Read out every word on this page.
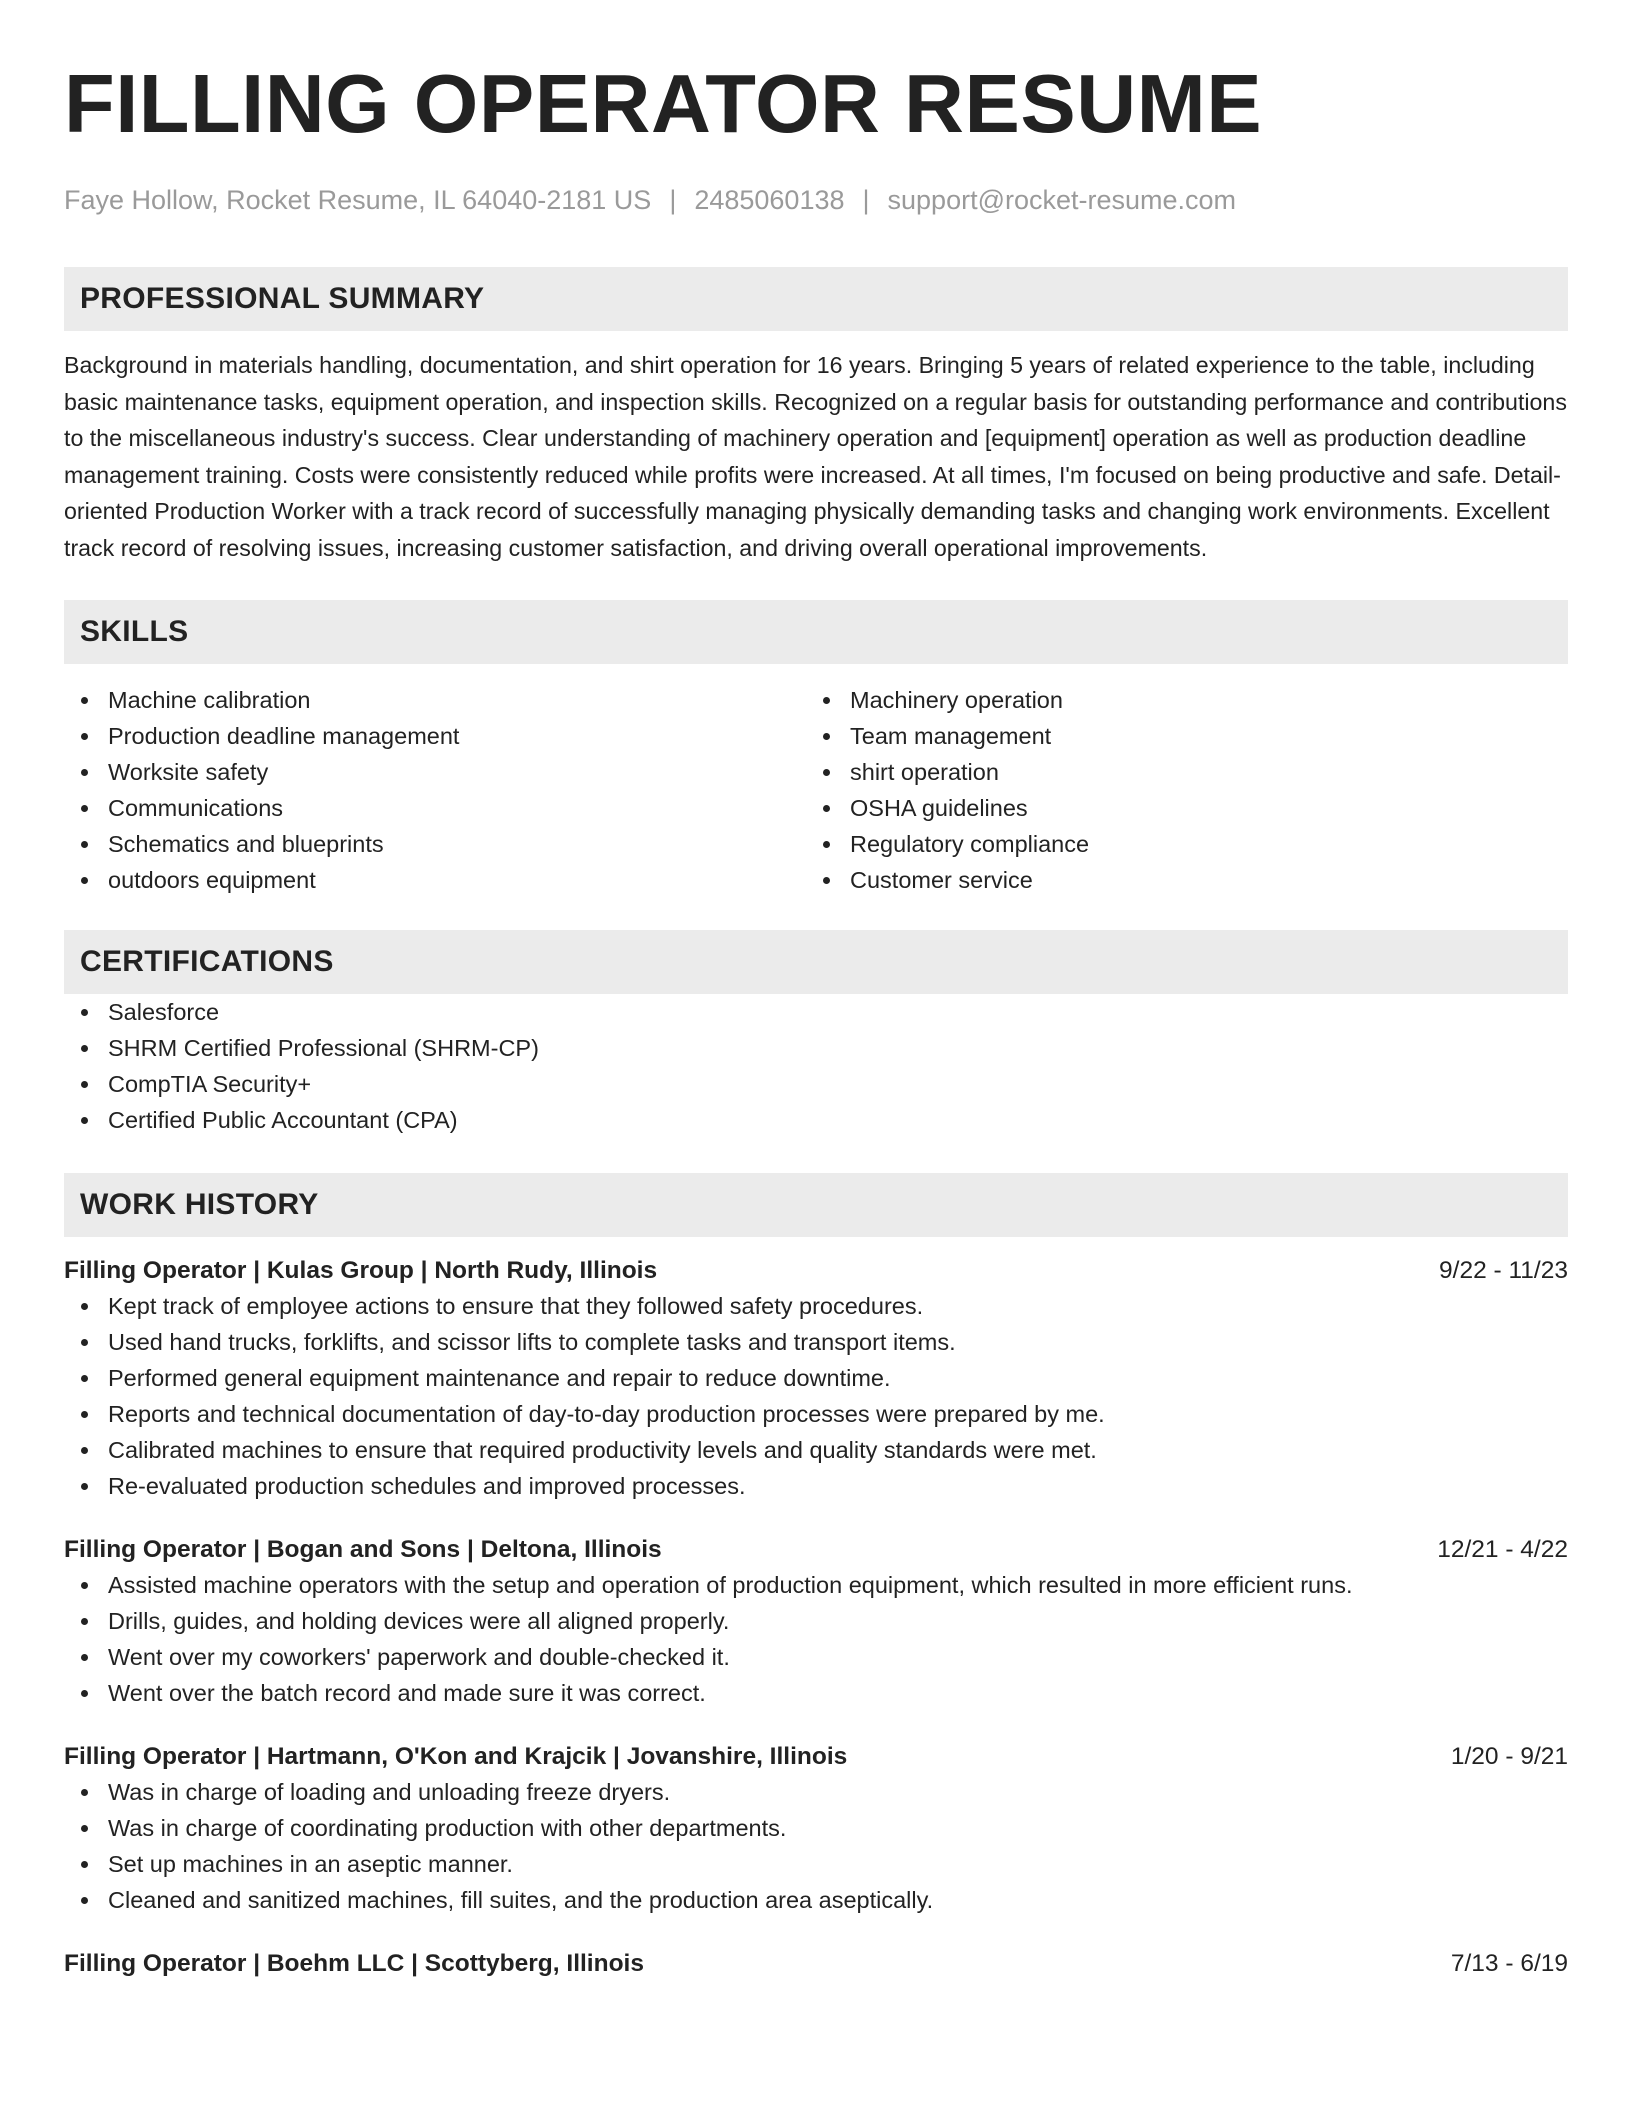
FILLING OPERATOR RESUME
Faye Hollow, Rocket Resume, IL 64040-2181 US | 2485060138 | support@rocket-resume.com
PROFESSIONAL SUMMARY

Background in materials handling, documentation, and shirt operation for 16 years. Bringing 5 years of related experience to the table, including basic maintenance tasks, equipment operation, and inspection skills. Recognized on a regular basis for outstanding performance and contributions to the miscellaneous industry's success. Clear understanding of machinery operation and [equipment] operation as well as production deadline management training. Costs were consistently reduced while profits were increased. At all times, I'm focused on being productive and safe. Detail-oriented Production Worker with a track record of successfully managing physically demanding tasks and changing work environments. Excellent track record of resolving issues, increasing customer satisfaction, and driving overall operational improvements.

SKILLS
Machine calibration
Production deadline management
Worksite safety
Communications
Schematics and blueprints
outdoors equipment
Machinery operation
Team management
shirt operation
OSHA guidelines
Regulatory compliance
Customer service
CERTIFICATIONS
Salesforce
SHRM Certified Professional (SHRM-CP)
CompTIA Security+
Certified Public Accountant (CPA)
WORK HISTORY
Filling Operator | Kulas Group | North Rudy, Illinois	9/22 - 11/23
Kept track of employee actions to ensure that they followed safety procedures.
Used hand trucks, forklifts, and scissor lifts to complete tasks and transport items.
Performed general equipment maintenance and repair to reduce downtime.
Reports and technical documentation of day-to-day production processes were prepared by me.
Calibrated machines to ensure that required productivity levels and quality standards were met.
Re-evaluated production schedules and improved processes.
Filling Operator | Bogan and Sons | Deltona, Illinois	12/21 - 4/22
Assisted machine operators with the setup and operation of production equipment, which resulted in more efficient runs.
Drills, guides, and holding devices were all aligned properly.
Went over my coworkers' paperwork and double-checked it.
Went over the batch record and made sure it was correct.
Filling Operator | Hartmann, O'Kon and Krajcik | Jovanshire, Illinois	1/20 - 9/21
Was in charge of loading and unloading freeze dryers.
Was in charge of coordinating production with other departments.
Set up machines in an aseptic manner.
Cleaned and sanitized machines, fill suites, and the production area aseptically.
Filling Operator | Boehm LLC | Scottyberg, Illinois	7/13 - 6/19
